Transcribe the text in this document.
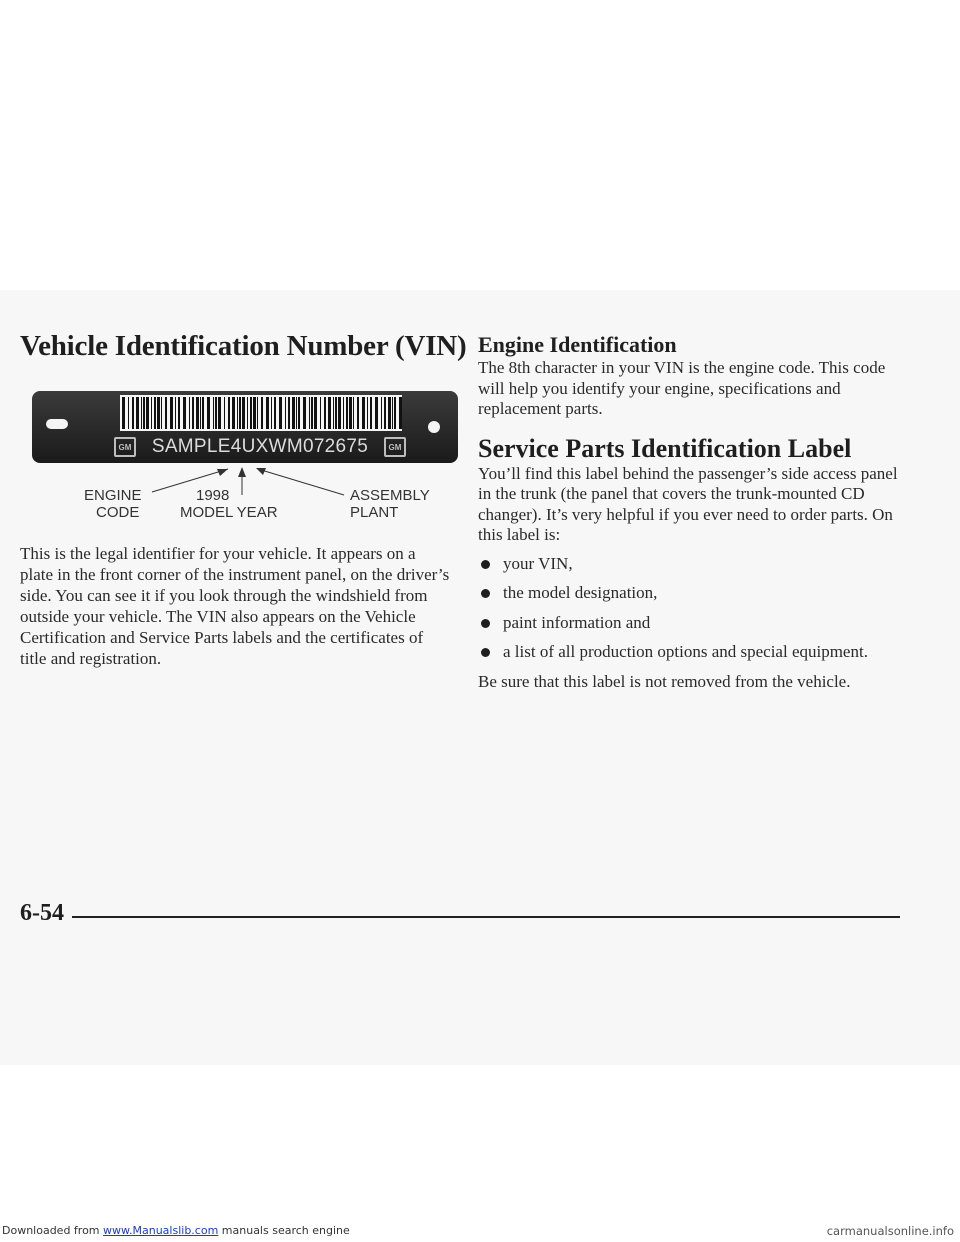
Vehicle Identification Number (VIN)
GM SAMPLE4UXWM072675	GM
ENGINE
CODE
1998
MODEL YEAR
ASSEMBLY
PLANT

This is the legal identifier for your vehicle. It appears on a plate in the front corner of the instrument panel, on the driver’s side. You can see it if you look through the windshield from outside your vehicle. The VIN also appears on the Vehicle Certification and Service Parts labels and the certificates of title and registration.

Engine Identification

The 8th character in your VIN is the engine code. This code will help you identify your engine, specifications and replacement parts.

Service Parts Identification Label

You’ll find this label behind the passenger’s side access panel in the trunk (the panel that covers the trunk-mounted CD changer). It’s very helpful if you ever need to order parts. On this label is:

your VIN,
the model designation,
paint information and
a list of all production options and special equipment.

Be sure that this label is not removed from the vehicle.

6-54
Downloaded from www.Manualslib.com manuals search engine	carmanualsonline.info
